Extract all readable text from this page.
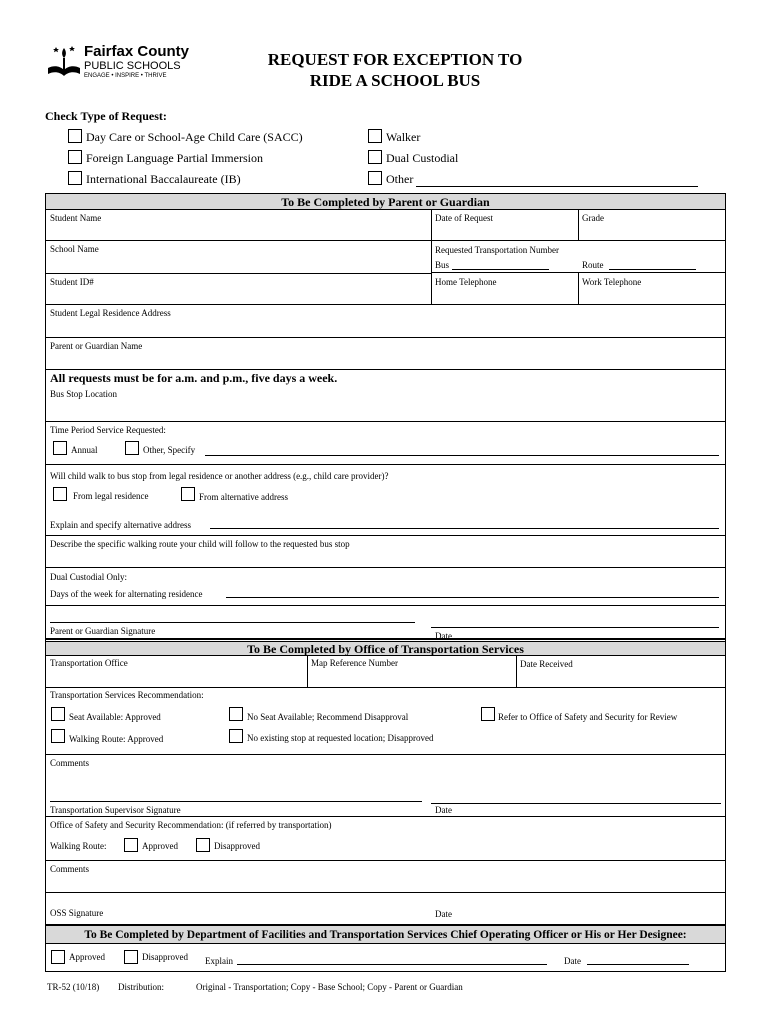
Fairfax County
PUBLIC SCHOOLS
ENGAGE • INSPIRE • THRIVE
REQUEST FOR EXCEPTION TO
RIDE A SCHOOL BUS
Check Type of Request:
Day Care or School-Age Child Care (SACC)
Foreign Language Partial Immersion
International Baccalaureate (IB)
Walker
Dual Custodial
Other
To Be Completed by Parent or Guardian
Student Name	Date of Request	Grade
School Name	Requested Transportation Number
Bus	Route
Student ID#	Home Telephone	Work Telephone
Student Legal Residence Address
Parent or Guardian Name
All requests must be for a.m. and p.m., five days a week.
Bus Stop Location
Time Period Service Requested:
Annual	Other, Specify
Will child walk to bus stop from legal residence or another address (e.g., child care provider)?
From legal residence	From alternative address
Explain and specify alternative address
Describe the specific walking route your child will follow to the requested bus stop
Dual Custodial Only:
Days of the week for alternating residence
Parent or Guardian Signature	Date
To Be Completed by Office of Transportation Services
Transportation Office	Map Reference Number	Date Received
Transportation Services Recommendation:
Seat Available: Approved	No Seat Available; Recommend Disapproval	Refer to Office of Safety and Security for Review
Walking Route: Approved	No existing stop at requested location; Disapproved
Comments
Transportation Supervisor Signature	Date
Office of Safety and Security Recommendation: (if referred by transportation)
Walking Route:	Approved	Disapproved
Comments
OSS Signature	Date
To Be Completed by Department of Facilities and Transportation Services Chief Operating Officer or His or Her Designee:
Approved	Disapproved Explain	Date
TR-52 (10/18) Distribution:	Original - Transportation; Copy - Base School; Copy - Parent or Guardian
